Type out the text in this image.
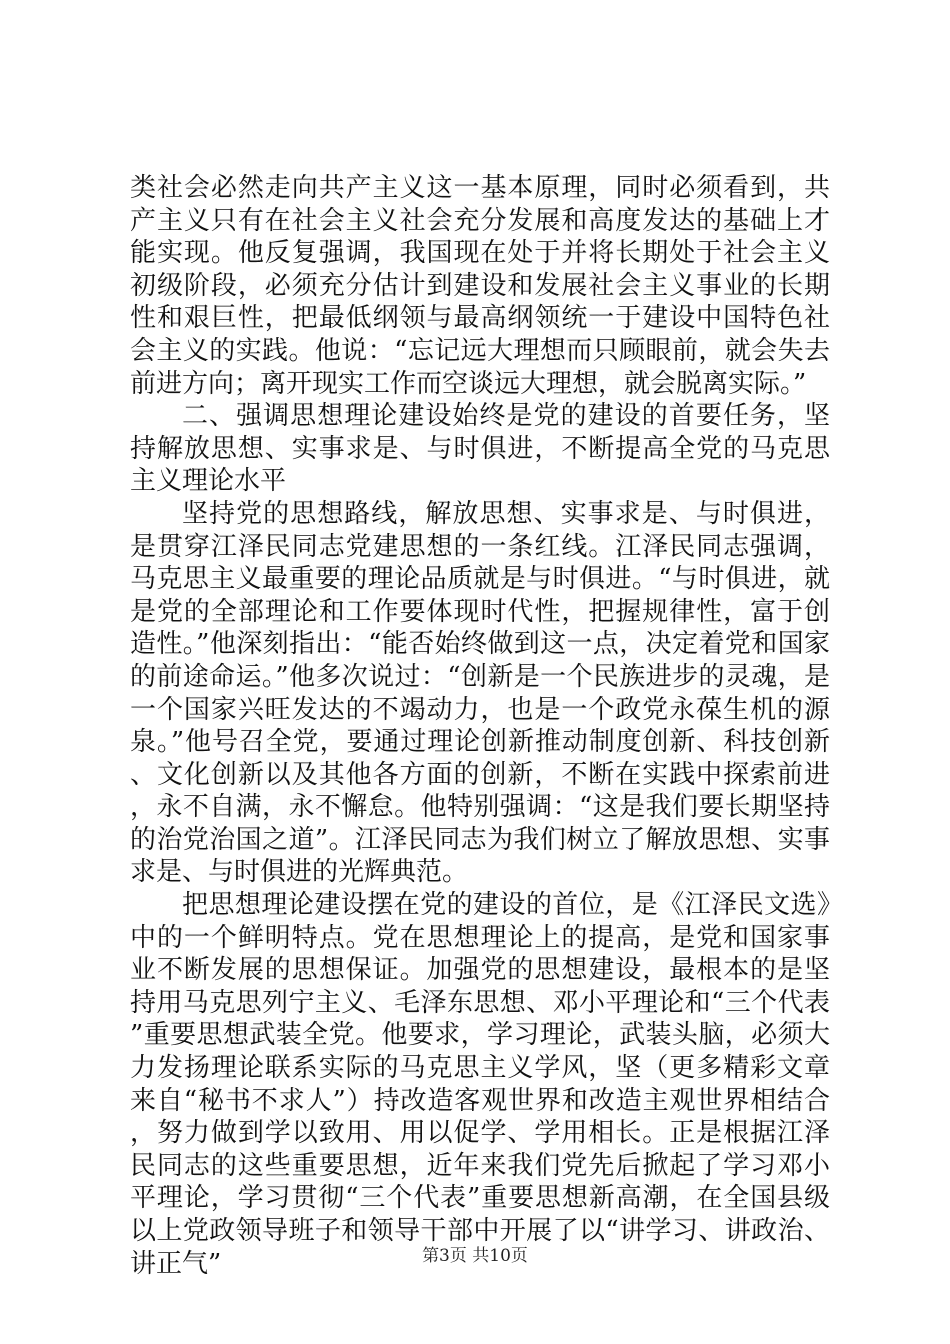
类社会必然走向共产主义这一基本原理，同时必须看到，共产主义只有在社会主义社会充分发展和高度发达的基础上才能实现。他反复强调，我国现在处于并将长期处于社会主义初级阶段，必须充分估计到建设和发展社会主义事业的长期性和艰巨性，把最低纲领与最高纲领统一于建设中国特色社会主义的实践。他说：“忘记远大理想而只顾眼前，就会失去前进方向；离开现实工作而空谈远大理想，就会脱离实际。”

二、强调思想理论建设始终是党的建设的首要任务，坚持解放思想、实事求是、与时俱进，不断提高全党的马克思主义理论水平

坚持党的思想路线，解放思想、实事求是、与时俱进，是贯穿江泽民同志党建思想的一条红线。江泽民同志强调，马克思主义最重要的理论品质就是与时俱进。“与时俱进，就是党的全部理论和工作要体现时代性，把握规律性，富于创造性。”他深刻指出：“能否始终做到这一点，决定着党和国家的前途命运。”他多次说过：“创新是一个民族进步的灵魂，是一个国家兴旺发达的不竭动力，也是一个政党永葆生机的源泉。”他号召全党，要通过理论创新推动制度创新、科技创新、文化创新以及其他各方面的创新，不断在实践中探索前进，永不自满，永不懈怠。他特别强调：“这是我们要长期坚持的治党治国之道”。江泽民同志为我们树立了解放思想、实事求是、与时俱进的光辉典范。

把思想理论建设摆在党的建设的首位，是《江泽民文选》中的一个鲜明特点。党在思想理论上的提高，是党和国家事业不断发展的思想保证。加强党的思想建设，最根本的是坚持用马克思列宁主义、毛泽东思想、邓小平理论和“三个代表”重要思想武装全党。他要求，学习理论，武装头脑，必须大力发扬理论联系实际的马克思主义学风，坚（更多精彩文章来自“秘书不求人”）持改造客观世界和改造主观世界相结合，努力做到学以致用、用以促学、学用相长。正是根据江泽民同志的这些重要思想，近年来我们党先后掀起了学习邓小平理论，学习贯彻“三个代表”重要思想新高潮，在全国县级以上党政领导班子和领导干部中开展了以“讲学习、讲政治、讲正气”	第3页 共10页
